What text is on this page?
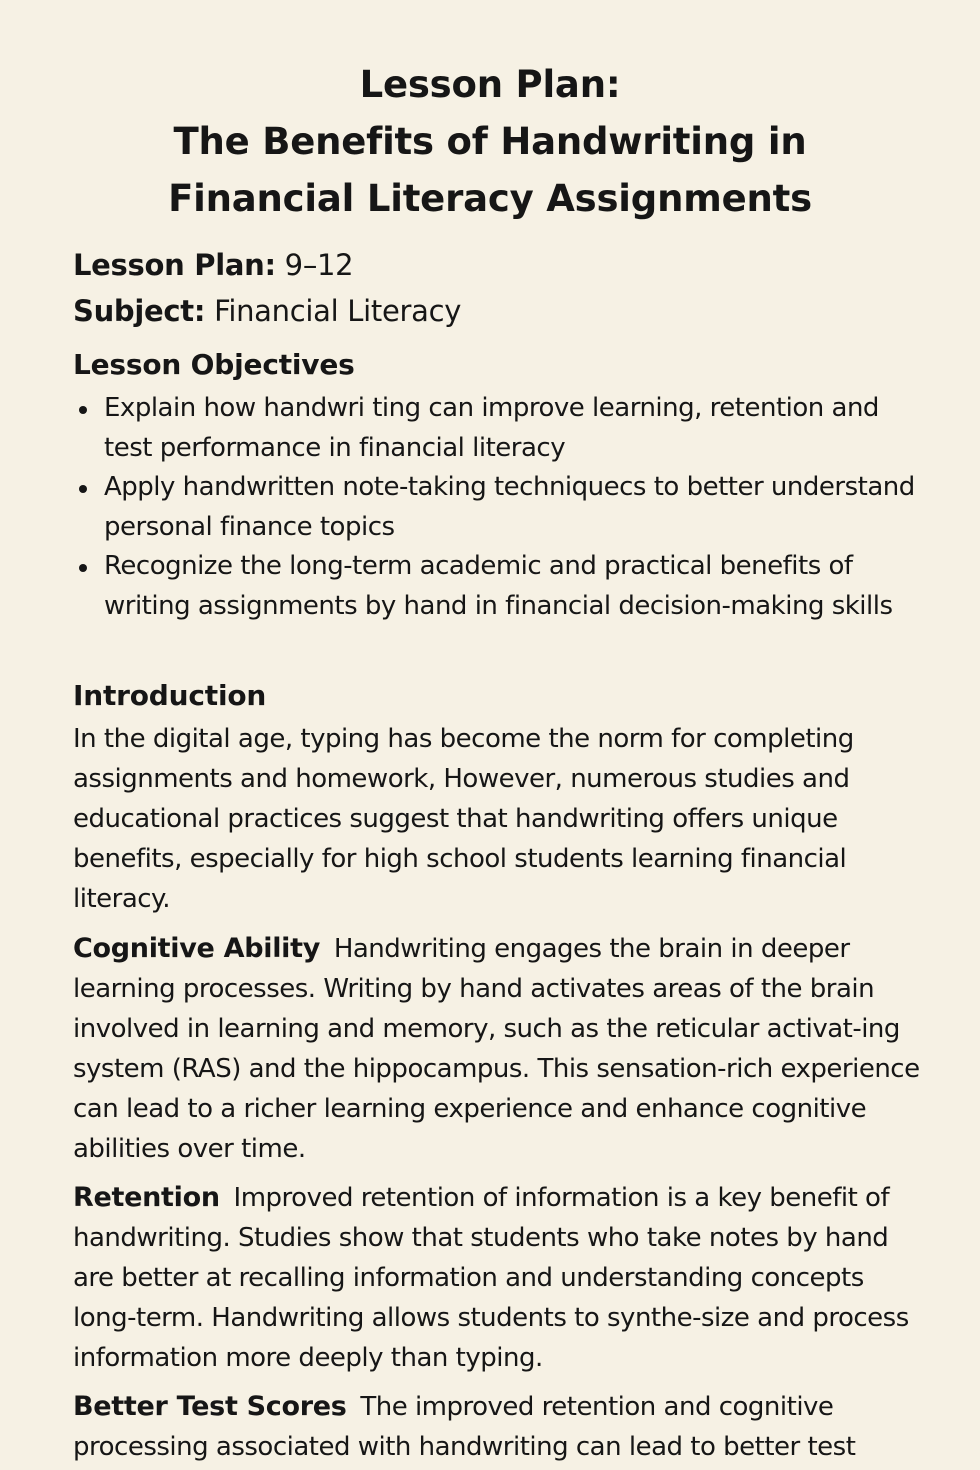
Lesson Plan:
The Benefits of Handwriting in
Financial Literacy Assignments
Lesson Plan: 9–12
Subject: Financial Literacy
Lesson Objectives
Explain how handwri ting can improve learning, retention and test performance in financial literacy
Apply handwritten note-taking techniquecs to better understand personal finance topics
Recognize the long-term academic and practical benefits of writing assignments by hand in financial decision-making skills
Introduction

In the digital age, typing has become the norm for completing assignments and homework, However, numerous studies and educational practices suggest that handwriting offers unique benefits, especially for high school students learning financial literacy.

Cognitive Ability Handwriting engages the brain in deeper learning processes. Writing by hand activates areas of the brain involved in learning and memory, such as the reticular activat-ing system (RAS) and the hippocampus. This sensation-rich experience can lead to a richer learning experience and enhance cognitive abilities over time.

Retention Improved retention of information is a key benefit of handwriting. Studies show that students who take notes by hand are better at recalling information and understanding concepts long-term. Handwriting allows students to synthe-size and process information more deeply than typing.

Better Test Scores The improved retention and cognitive processing associated with handwriting can lead to better test
